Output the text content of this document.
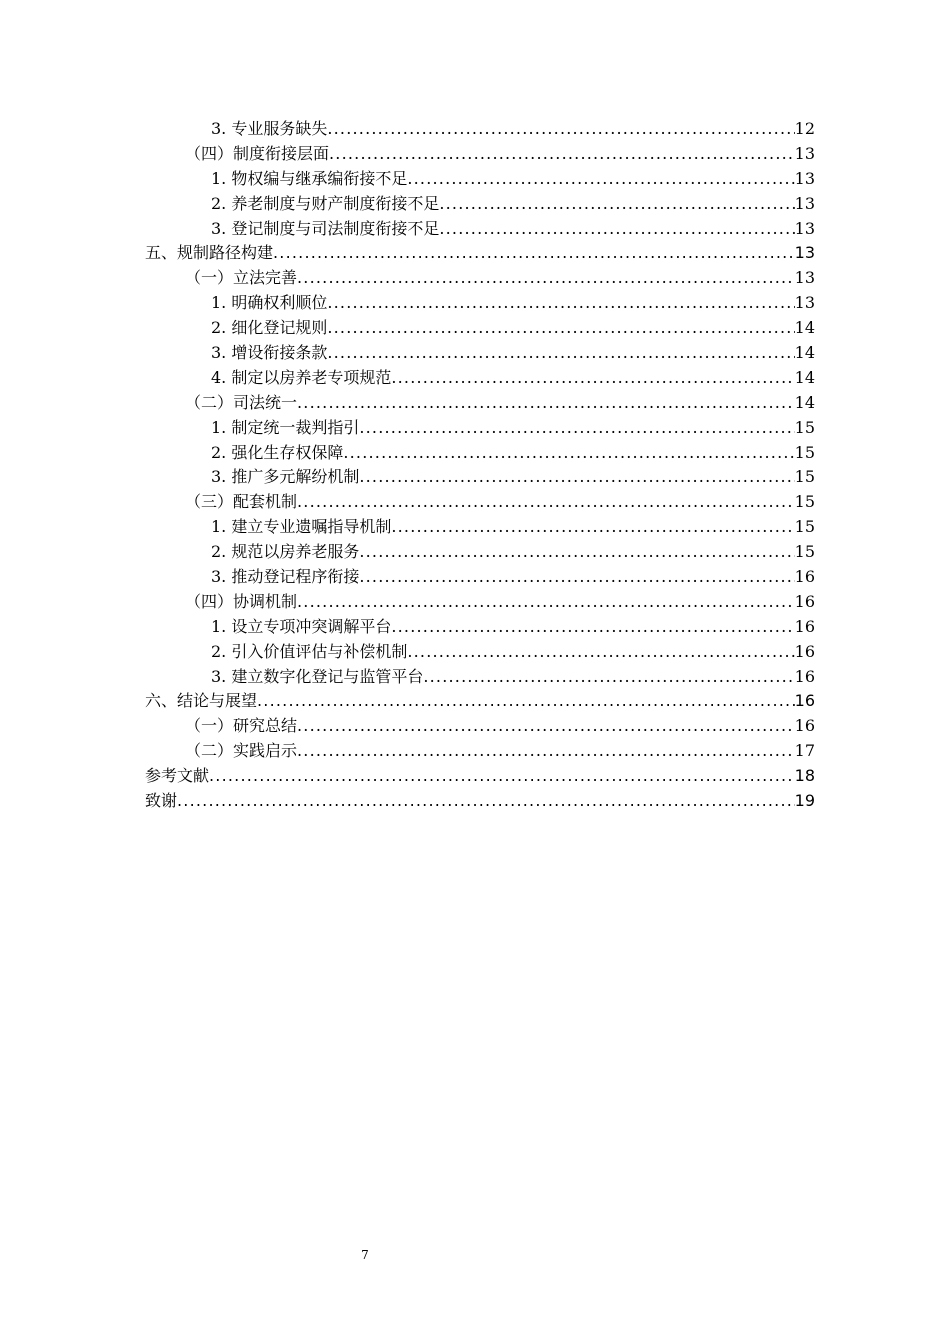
3. 专业服务缺失 .....	12
（四）制度衔接层面 .....	13
1. 物权编与继承编衔接不足 .....	13
2. 养老制度与财产制度衔接不足 .....	13
3. 登记制度与司法制度衔接不足 .....	13
五、规制路径构建 .....	13
（一）立法完善 .....	13
1. 明确权利顺位 .....	13
2. 细化登记规则 .....	14
3. 增设衔接条款 .....	14
4. 制定以房养老专项规范 .....	14
（二）司法统一 .....	14
1. 制定统一裁判指引 .....	15
2. 强化生存权保障 .....	15
3. 推广多元解纷机制 .....	15
（三）配套机制 .....	15
1. 建立专业遗嘱指导机制 .....	15
2. 规范以房养老服务 .....	15
3. 推动登记程序衔接 .....	16
（四）协调机制 .....	16
1. 设立专项冲突调解平台 .....	16
2. 引入价值评估与补偿机制 .....	16
3. 建立数字化登记与监管平台 .....	16
六、结论与展望 .....	16
（一）研究总结 .....	16
（二）实践启示 .....	17
参考文献 .....	18
致谢 .....	19
7
